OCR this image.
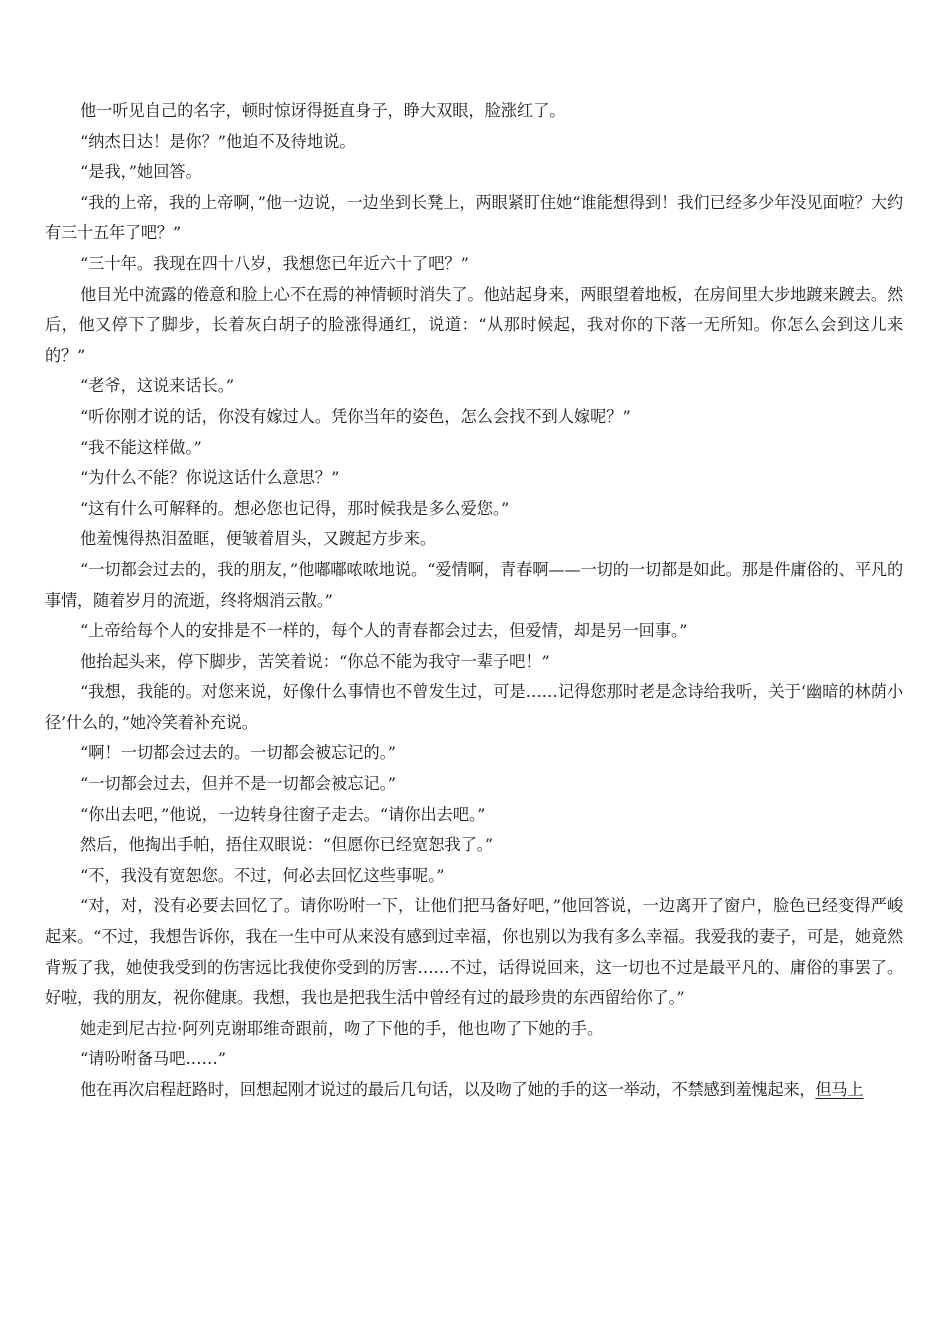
他一听见自己的名字，顿时惊讶得挺直身子，睁大双眼，脸涨红了。

“纳杰日达！是你？”他迫不及待地说。

“是我，”她回答。

“我的上帝，我的上帝啊，”他一边说，一边坐到长凳上，两眼紧盯住她“谁能想得到！我们已经多少年没见面啦？大约有三十五年了吧？”

“三十年。我现在四十八岁，我想您已年近六十了吧？”

他目光中流露的倦意和脸上心不在焉的神情顿时消失了。他站起身来，两眼望着地板，在房间里大步地踱来踱去。然后，他又停下了脚步，长着灰白胡子的脸涨得通红，说道：“从那时候起，我对你的下落一无所知。你怎么会到这儿来的？”

“老爷，这说来话长。”

“听你刚才说的话，你没有嫁过人。凭你当年的姿色，怎么会找不到人嫁呢？”

“我不能这样做。”

“为什么不能？你说这话什么意思？”

“这有什么可解释的。想必您也记得，那时候我是多么爱您。”

他羞愧得热泪盈眶，便皱着眉头，又踱起方步来。

“一切都会过去的，我的朋友，”他嘟嘟哝哝地说。“爱情啊，青春啊——一切的一切都是如此。那是件庸俗的、平凡的事情，随着岁月的流逝，终将烟消云散。”

“上帝给每个人的安排是不一样的，每个人的青春都会过去，但爱情，却是另一回事。”

他抬起头来，停下脚步，苦笑着说：“你总不能为我守一辈子吧！”

“我想，我能的。对您来说，好像什么事情也不曾发生过，可是……记得您那时老是念诗给我听，关于‘幽暗的林荫小径’什么的，”她冷笑着补充说。

“啊！一切都会过去的。一切都会被忘记的。”

“一切都会过去，但并不是一切都会被忘记。”

“你出去吧，”他说，一边转身往窗子走去。“请你出去吧。”

然后，他掏出手帕，捂住双眼说：“但愿你已经宽恕我了。”

“不，我没有宽恕您。不过，何必去回忆这些事呢。”

“对，对，没有必要去回忆了。请你吩咐一下，让他们把马备好吧，”他回答说，一边离开了窗户，脸色已经变得严峻起来。“不过，我想告诉你，我在一生中可从来没有感到过幸福，你也别以为我有多么幸福。我爱我的妻子，可是，她竟然背叛了我，她使我受到的伤害远比我使你受到的厉害……不过，话得说回来，这一切也不过是最平凡的、庸俗的事罢了。好啦，我的朋友，祝你健康。我想，我也是把我生活中曾经有过的最珍贵的东西留给你了。”

她走到尼古拉·阿列克谢耶维奇跟前，吻了下他的手，他也吻了下她的手。

“请吩咐备马吧……”

他在再次启程赶路时，回想起刚才说过的最后几句话，以及吻了她的手的这一举动，不禁感到羞愧起来，但马上
